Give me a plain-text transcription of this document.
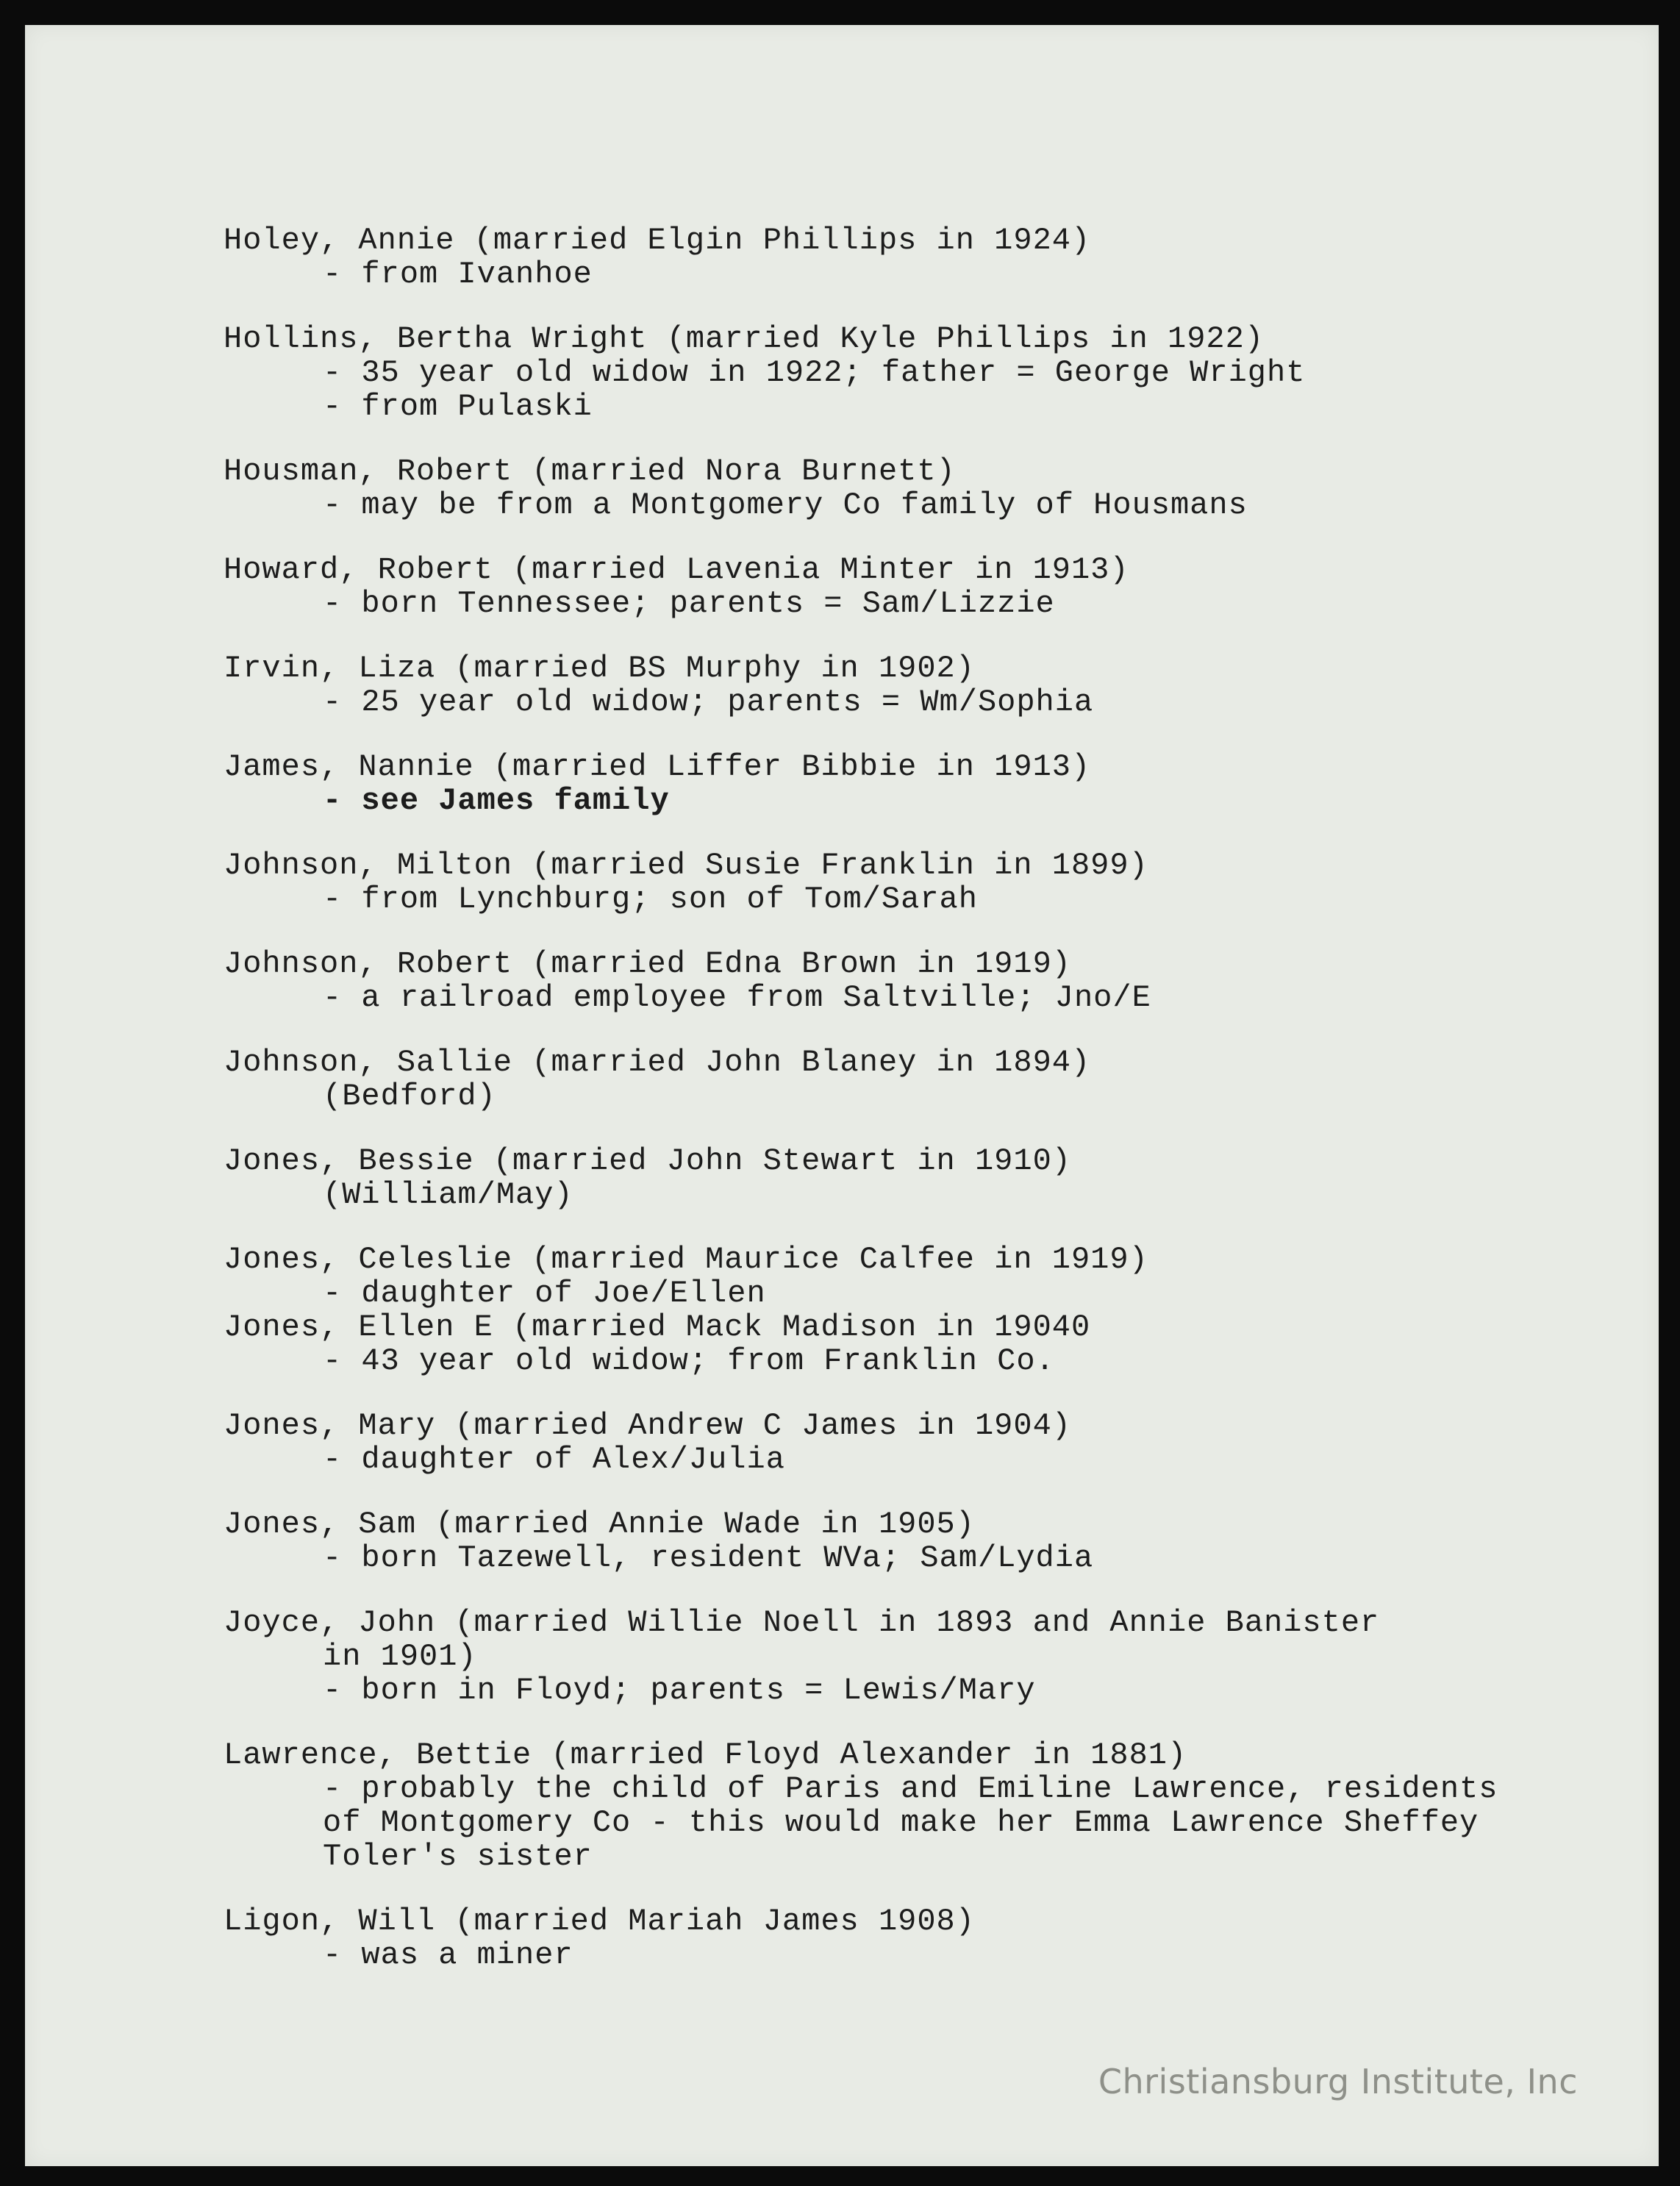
Holey, Annie (married Elgin Phillips in 1924)
- from Ivanhoe
Hollins, Bertha Wright (married Kyle Phillips in 1922)
- 35 year old widow in 1922; father = George Wright
- from Pulaski
Housman, Robert (married Nora Burnett)
- may be from a Montgomery Co family of Housmans
Howard, Robert (married Lavenia Minter in 1913)
- born Tennessee; parents = Sam/Lizzie
Irvin, Liza (married BS Murphy in 1902)
- 25 year old widow; parents = Wm/Sophia
James, Nannie (married Liffer Bibbie in 1913)
- see James family
Johnson, Milton (married Susie Franklin in 1899)
- from Lynchburg; son of Tom/Sarah
Johnson, Robert (married Edna Brown in 1919)
- a railroad employee from Saltville; Jno/E
Johnson, Sallie (married John Blaney in 1894)
(Bedford)
Jones, Bessie (married John Stewart in 1910)
(William/May)
Jones, Celeslie (married Maurice Calfee in 1919)
- daughter of Joe/Ellen
Jones, Ellen E (married Mack Madison in 19040
- 43 year old widow; from Franklin Co.
Jones, Mary (married Andrew C James in 1904)
- daughter of Alex/Julia
Jones, Sam (married Annie Wade in 1905)
- born Tazewell, resident WVa; Sam/Lydia
Joyce, John (married Willie Noell in 1893 and Annie Banister
in 1901)
- born in Floyd; parents = Lewis/Mary
Lawrence, Bettie (married Floyd Alexander in 1881)
- probably the child of Paris and Emiline Lawrence, residents
of Montgomery Co - this would make her Emma Lawrence Sheffey
Toler's sister
Ligon, Will (married Mariah James 1908)
- was a miner
Christiansburg Institute, Inc
